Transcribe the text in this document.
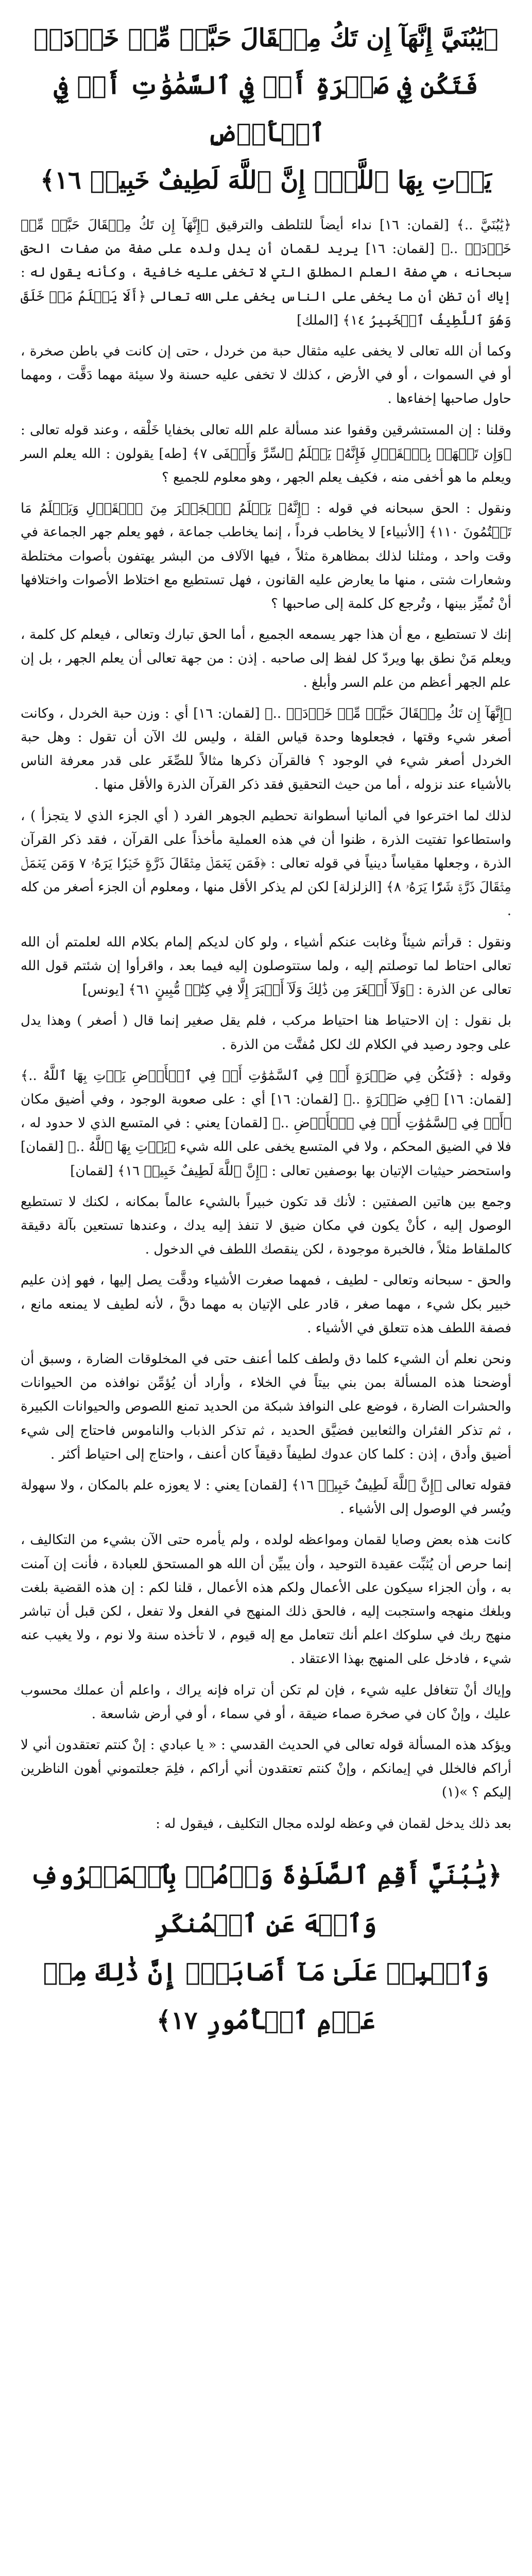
﴿يَٰبُنَيَّ إِنَّهَآ إِن تَكُ مِثۡقَالَ حَبَّةٖ مِّنۡ خَرۡدَلٖ
فَتَكُن فِي صَخۡرَةٍ أَوۡ فِي ٱلسَّمَٰوَٰتِ أَوۡ فِي ٱلۡأَرۡضِ
يَأۡتِ بِهَا ٱللَّهُۚ إِنَّ ٱللَّهَ لَطِيفٌ خَبِيرٞ ١٦﴾

﴿يَٰبُنَيَّ ..﴾ [لقمان: ١٦] نداء أيضاً للتلطف والترقيق ﴿إِنَّهَآ إِن تَكُ مِثۡقَالَ حَبَّةٖ مِّنۡ خَرۡدَلٖ ..﴾ [لقمان: ١٦] يريد لقمان أن يدل ولده على صفة من صفات الحق سبحانه ، هي صفة العلم المطلق التي لا تخفى عليه خافية ، وكأنه يقول له : إياك أن تظن أن ما يخفى على الناس يخفى على الله تعالى ﴿أَلَا يَعۡلَمُ مَنۡ خَلَقَ وَهُوَ ٱللَّطِيفُ ٱلۡخَبِيرُ ١٤﴾ [الملك]

وكما أن الله تعالى لا يخفى عليه مثقال حبة من خردل ، حتى إن كانت في باطن صخرة ، أو في السموات ، أو في الأرض ، كذلك لا تخفى عليه حسنة ولا سيئة مهما دَقَّت ، ومهما حاول صاحبها إخفاءها .

وقلنا : إن المستشرقين وقفوا عند مسألة علم الله تعالى بخفايا خَلْقه ، وعند قوله تعالى : ﴿وَإِن تَجۡهَرۡ بِٱلۡقَوۡلِ فَإِنَّهُۥ يَعۡلَمُ ٱلسِّرَّ وَأَخۡفَى ٧﴾ [طه] يقولون : الله يعلم السر ويعلم ما هو أخفى منه ، فكيف يعلم الجهر ، وهو معلوم للجميع ؟

ونقول : الحق سبحانه في قوله : ﴿إِنَّهُۥ يَعۡلَمُ ٱلۡجَهۡرَ مِنَ ٱلۡقَوۡلِ وَيَعۡلَمُ مَا تَكۡتُمُونَ ١١٠﴾ [الأنبياء] لا يخاطب فرداً ، إنما يخاطب جماعة ، فهو يعلم جهر الجماعة في وقت واحد ، ومثلنا لذلك بمظاهرة مثلاً ، فيها الآلاف من البشر يهتفون بأصوات مختلطة وشعارات شتى ، منها ما يعارض عليه القانون ، فهل تستطيع مع اختلاط الأصوات واختلافها أنْ تُميِّز بينها ، وتُرجع كل كلمة إلى صاحبها ؟

إنك لا تستطيع ، مع أن هذا جهر يسمعه الجميع ، أما الحق تبارك وتعالى ، فيعلم كل كلمة ، ويعلم مَنْ نطق بها ويردّ كل لفظ إلى صاحبه . إذن : من جهة تعالى أن يعلم الجهر ، بل إن علم الجهر أعظم من علم السر وأبلغ .

﴿إِنَّهَآ إِن تَكُ مِثۡقَالَ حَبَّةٖ مِّنۡ خَرۡدَلٖ ..﴾ [لقمان: ١٦] أي : وزن حبة الخردل ، وكانت أصغر شيء وقتها ، فجعلوها وحدة قياس القلة ، وليس لك الآن أن تقول : وهل حبة الخردل أصغر شيء في الوجود ؟ فالقرآن ذكرها مثالاً للصِّغَر على قدر معرفة الناس بالأشياء عند نزوله ، أما من حيث التحقيق فقد ذكر القرآن الذرة والأقل منها .

لذلك لما اخترعوا في ألمانيا أسطوانة تحطيم الجوهر الفرد ( أي الجزء الذي لا يتجزأ ) ، واستطاعوا تفتيت الذرة ، ظنوا أن في هذه العملية مأخذاً على القرآن ، فقد ذكر القرآن الذرة ، وجعلها مقياساً دينياً في قوله تعالى : ﴿فَمَن يَعۡمَلۡ مِثۡقَالَ ذَرَّةٍ خَيۡرٗا يَرَهُۥ ٧ وَمَن يَعۡمَلۡ مِثۡقَالَ ذَرَّةٖ شَرّٗا يَرَهُۥ ٨﴾ [الزلزلة] لكن لم يذكر الأقل منها ، ومعلوم أن الجزء أصغر من كله .

ونقول : قرأتم شيئاً وغابت عنكم أشياء ، ولو كان لديكم إلمام بكلام الله لعلمتم أن الله تعالى احتاط لما توصلتم إليه ، ولما ستتوصلون إليه فيما بعد ، واقرأوا إن شئتم قول الله تعالى عن الذرة : ﴿وَلَآ أَصۡغَرَ مِن ذَٰلِكَ وَلَآ أَكۡبَرَ إِلَّا فِي كِتَٰبٖ مُّبِينٍ ٦١﴾ [يونس]

بل نقول : إن الاحتياط هنا احتياط مركب ، فلم يقل صغير إنما قال ( أصغر ) وهذا يدل على وجود رصيد في الكلام لك لكل مُفتَّت من الذرة .

وقوله : ﴿فَتَكُن فِي صَخۡرَةٍ أَوۡ فِي ٱلسَّمَٰوَٰتِ أَوۡ فِي ٱلۡأَرۡضِ يَأۡتِ بِهَا ٱللَّهُ ..﴾ [لقمان: ١٦] ﴿فِي صَخۡرَةٍ ..﴾ [لقمان: ١٦] أي : على صعوبة الوجود ، وفي أضيق مكان ﴿أَوۡ فِي ٱلسَّمَٰوَٰتِ أَوۡ فِي ٱلۡأَرۡضِ ..﴾ [لقمان] يعني : في المتسع الذي لا حدود له ، فلا في الضيق المحكم ، ولا في المتسع يخفى على الله شيء ﴿يَأۡتِ بِهَا ٱللَّهُ ..﴾ [لقمان] واستحضر حيثيات الإتيان بها بوصفين تعالى : ﴿إِنَّ ٱللَّهَ لَطِيفٌ خَبِيرٞ ١٦﴾ [لقمان]

وجمع بين هاتين الصفتين : لأنك قد تكون خبيراً بالشيء عالماً بمكانه ، لكنك لا تستطيع الوصول إليه ، كأنْ يكون في مكان ضيق لا تنفذ إليه يدك ، وعندها تستعين بآلة دقيقة كالملقاط مثلاً ، فالخبرة موجودة ، لكن ينقصك اللطف في الدخول .

والحق - سبحانه وتعالى - لطيف ، فمهما صغرت الأشياء ودقَّت يصل إليها ، فهو إذن عليم خبير بكل شيء ، مهما صغر ، قادر على الإتيان به مهما دقَّ ، لأنه لطيف لا يمنعه مانع ، فصفة اللطف هذه تتعلق في الأشياء .

ونحن نعلم أن الشيء كلما دق ولطف كلما أعنف حتى في المخلوقات الضارة ، وسبق أن أوضحنا هذه المسألة بمن بني بيتاً في الخلاء ، وأراد أن يُؤمِّن نوافذه من الحيوانات والحشرات الضارة ، فوضع على النوافذ شبكة من الحديد تمنع اللصوص والحيوانات الكبيرة ، ثم تذكر الفئران والثعابين فضيَّق الحديد ، ثم تذكر الذباب والناموس فاحتاج إلى شيء أضيق وأدق ، إذن : كلما كان عدوك لطيفاً دقيقاً كان أعنف ، واحتاج إلى احتياط أكثر .

فقوله تعالى ﴿إِنَّ ٱللَّهَ لَطِيفٌ خَبِيرٞ ١٦﴾ [لقمان] يعني : لا يعوزه علم بالمكان ، ولا سهولة ويُسر في الوصول إلى الأشياء .

كانت هذه بعض وصايا لقمان ومواعظه لولده ، ولم يأمره حتى الآن بشيء من التكاليف ، إنما حرص أن يُثبِّت عقيدة التوحيد ، وأن يبيِّن أن الله هو المستحق للعبادة ، فأنت إن آمنت به ، وأن الجزاء سيكون على الأعمال ولكم هذه الأعمال ، قلنا لكم : إن هذه القضية بلغت وبلغك منهجه واستجبت إليه ، فالحق ذلك المنهج في الفعل ولا تفعل ، لكن قبل أن تباشر منهج ربك في سلوكك اعلم أنك تتعامل مع إله قيوم ، لا تأخذه سنة ولا نوم ، ولا يغيب عنه شيء ، فادخل على المنهج بهذا الاعتقاد .

وإياك أنْ تتغافل عليه شيء ، فإن لم تكن أن تراه فإنه يراك ، واعلم أن عملك محسوب عليك ، وإنْ كان في صخرة صماء ضيقة ، أو في سماء ، أو في أرض شاسعة .

ويؤكد هذه المسألة قوله تعالى في الحديث القدسي : « يا عبادي : إنْ كنتم تعتقدون أني لا أراكم فالخلل في إيمانكم ، وإنْ كنتم تعتقدون أني أراكم ، فلِمَ جعلتموني أهون الناظرين إليكم ؟ »(١)

بعد ذلك يدخل لقمان في وعظه لولده مجال التكليف ، فيقول له :

﴿يَٰبُنَيَّ أَقِمِ ٱلصَّلَوٰةَ وَأۡمُرۡ بِٱلۡمَعۡرُوفِ وَٱنۡهَ عَنِ ٱلۡمُنكَرِ
وَٱصۡبِرۡ عَلَىٰ مَآ أَصَابَكَۖ إِنَّ ذَٰلِكَ مِنۡ عَزۡمِ ٱلۡأُمُورِ ١٧﴾
